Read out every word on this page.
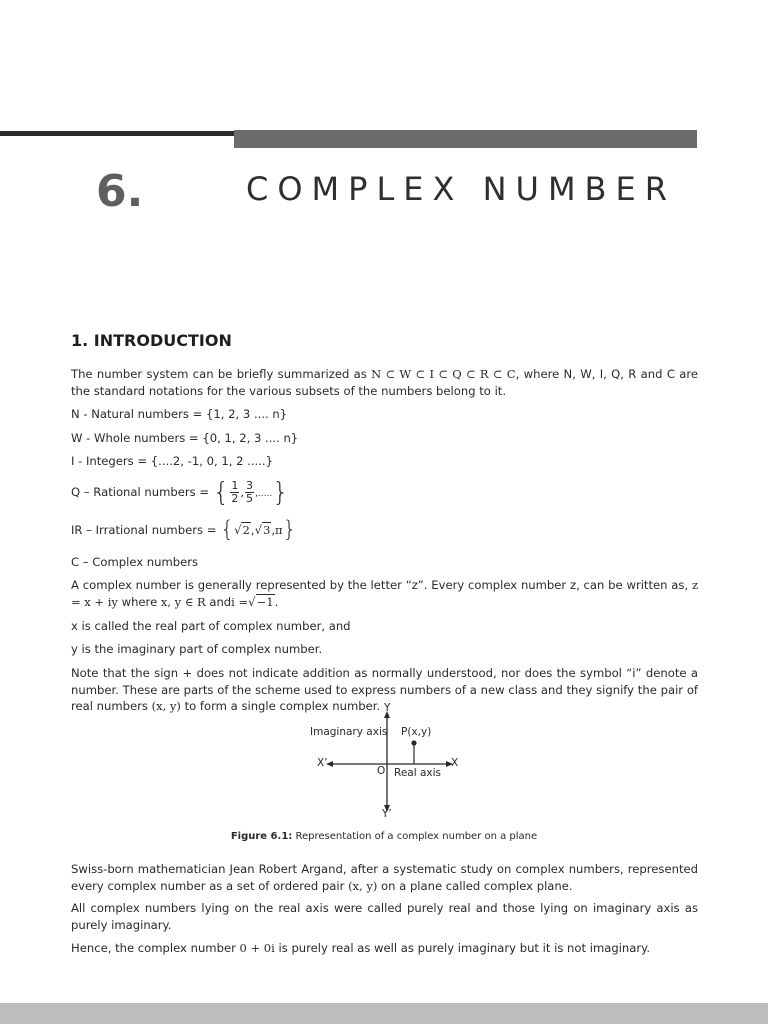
6.	COMPLEX NUMBER
1. INTRODUCTION
The number system can be briefly summarized as N ⊂ W ⊂ I ⊂ Q ⊂ R ⊂ C, where N, W, I, Q, R and C are the standard notations for the various subsets of the numbers belong to it.
N - Natural numbers = {1, 2, 3 .... n}
W - Whole numbers = {0, 1, 2, 3 .... n}
I - Integers = {....2, -1, 0, 1, 2 .....}
Q – Rational numbers = { $\frac{1}{2}$ , $\frac{3}{5}$ ,.....}
IR – Irrational numbers = {√2,√3,π}
C – Complex numbers
A complex number is generally represented by the letter “z”. Every complex number z, can be written as, z = x + iy where x, y ∈ R andi =√−1.
x is called the real part of complex number, and
y is the imaginary part of complex number.
Note that the sign + does not indicate addition as normally understood, nor does the symbol “i” denote a number. These are parts of the scheme used to express numbers of a new class and they signify the pair of real numbers (x, y) to form a single complex number. Y
Y’
X
X’
O
Imaginary axis P(x,y)
Real axis
Figure 6.1: Representation of a complex number on a plane
Swiss-born mathematician Jean Robert Argand, after a systematic study on complex numbers, represented every complex number as a set of ordered pair (x, y) on a plane called complex plane.
All complex numbers lying on the real axis were called purely real and those lying on imaginary axis as purely imaginary.
Hence, the complex number 0 + 0i is purely real as well as purely imaginary but it is not imaginary.
